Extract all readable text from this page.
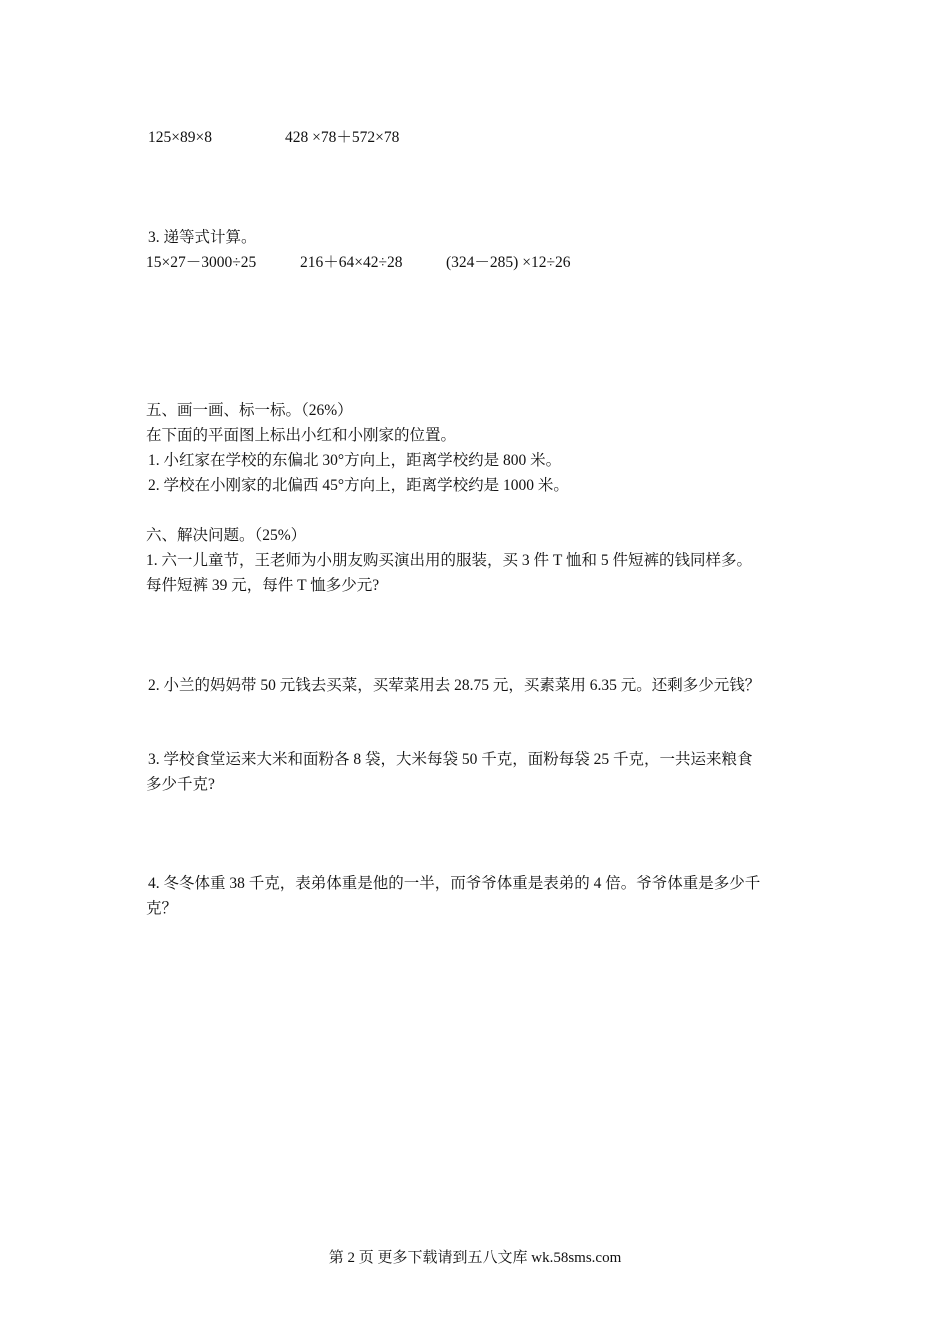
125×89×8	428 ×78＋572×78
3. 递等式计算。
15×27－3000÷25	216＋64×42÷28	(324－285) ×12÷26
五、画一画、标一标。（26%）
在下面的平面图上标出小红和小刚家的位置。
1. 小红家在学校的东偏北 30°方向上，距离学校约是 800 米。
2. 学校在小刚家的北偏西 45°方向上，距离学校约是 1000 米。
六、解决问题。（25%）
1. 六一儿童节，王老师为小朋友购买演出用的服装，买 3 件 T 恤和 5 件短裤的钱同样多。
每件短裤 39 元，每件 T 恤多少元?
2. 小兰的妈妈带 50 元钱去买菜，买荤菜用去 28.75 元，买素菜用 6.35 元。还剩多少元钱？
3. 学校食堂运来大米和面粉各 8 袋，大米每袋 50 千克，面粉每袋 25 千克，一共运来粮食
多少千克?
4. 冬冬体重 38 千克，表弟体重是他的一半，而爷爷体重是表弟的 4 倍。爷爷体重是多少千
克？
第 2 页 更多下载请到五八文库 wk.58sms.com
